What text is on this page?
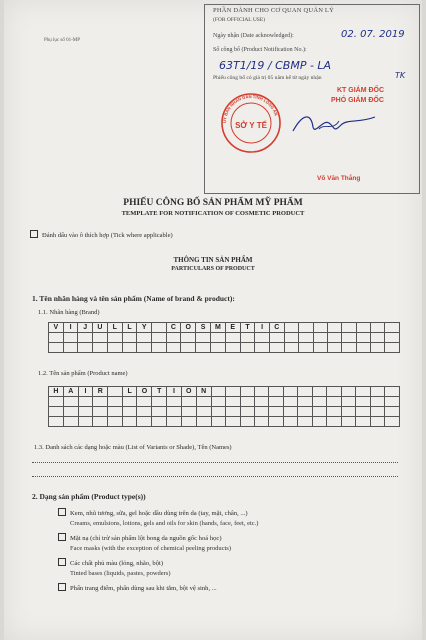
Phụ lục số 01-MP
PHẦN DÀNH CHO CƠ QUAN QUẢN LÝ
(FOR OFFICIAL USE)
Ngày nhận (Date acknowledged):	02. 07. 2019
Số công bố (Product Notification No.):
63T1/19 / CBMP - LA
Phiếu công bố có giá trị 05 năm kể từ ngày nhận	TK
KT GIÁM ĐỐC
PHÓ GIÁM ĐỐC
Võ Văn Thắng
ỦY BAN NHÂN DÂN TỈNH LONG AN
SỞ Y TẾ
PHIẾU CÔNG BỐ SẢN PHẨM MỸ PHẨM
TEMPLATE FOR NOTIFICATION OF COSMETIC PRODUCT
Đánh dấu vào ô thích hợp (Tick where applicable)
THÔNG TIN SẢN PHẨM
PARTICULARS OF PRODUCT
1. Tên nhãn hàng và tên sản phẩm (Name of brand & product):
1.1. Nhãn hàng (Brand)
V	I	J	U	L	L	Y		C	O	S	M	E	T	I	C								

1.2. Tên sản phẩm (Product name)
H	A	I	R		L	O	T	I	O	N													

1.3. Danh sách các dạng hoặc màu (List of Variants or Shade), Tên (Names)
2. Dạng sản phẩm (Product type(s))
Kem, nhũ tương, sữa, gel hoặc dầu dùng trên da (tay, mặt, chân, ...)
Creams, emulsions, lotions, gels and oils for skin (hands, face, feet, etc.)
Mặt nạ (chỉ trừ sản phẩm lột bong da nguồn gốc hoá học)
Face masks (with the exception of chemical peeling products)
Các chất phủ màu (lỏng, nhão, bột)
Tinted bases (liquids, pastes, powders)
Phấn trang điểm, phấn dùng sau khi tắm, bột vệ sinh, ...
